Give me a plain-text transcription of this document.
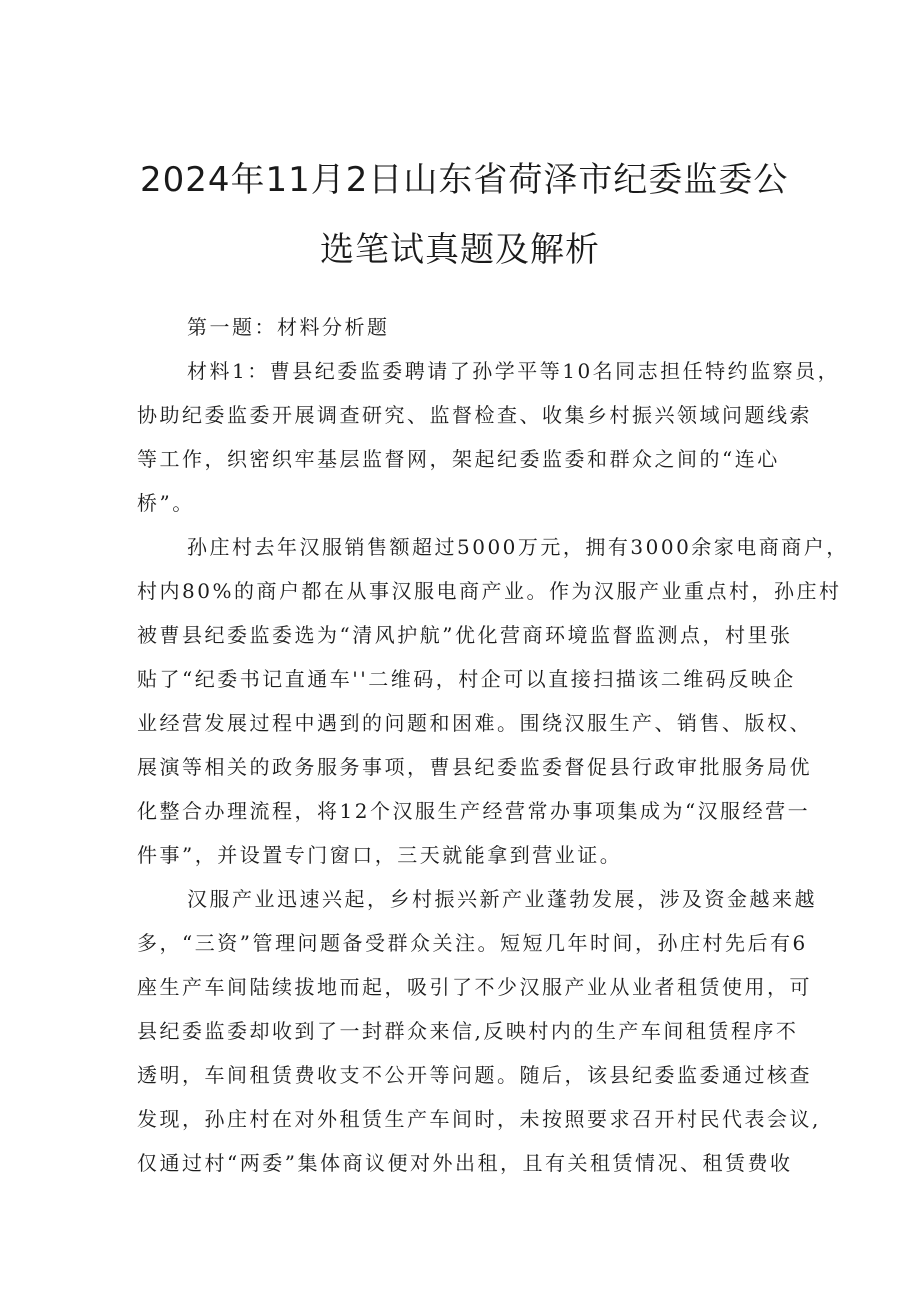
2024年11月2日山东省荷泽市纪委监委公
选笔试真题及解析
第一题：材料分析题
材料1：曹县纪委监委聘请了孙学平等10名同志担任特约监察员，
协助纪委监委开展调查研究、监督检查、收集乡村振兴领域问题线索
等工作，织密织牢基层监督网，架起纪委监委和群众之间的“连心
桥”。
孙庄村去年汉服销售额超过5000万元，拥有3000余家电商商户，
村内80%的商户都在从事汉服电商产业。作为汉服产业重点村，孙庄村
被曹县纪委监委选为“清风护航”优化营商环境监督监测点，村里张
贴了“纪委书记直通车''二维码，村企可以直接扫描该二维码反映企
业经营发展过程中遇到的问题和困难。围绕汉服生产、销售、版权、
展演等相关的政务服务事项，曹县纪委监委督促县行政审批服务局优
化整合办理流程，将12个汉服生产经营常办事项集成为“汉服经营一
件事”，并设置专门窗口，三天就能拿到营业证。
汉服产业迅速兴起，乡村振兴新产业蓬勃发展，涉及资金越来越
多，“三资”管理问题备受群众关注。短短几年时间，孙庄村先后有6
座生产车间陆续拔地而起，吸引了不少汉服产业从业者租赁使用，可
县纪委监委却收到了一封群众来信,反映村内的生产车间租赁程序不
透明，车间租赁费收支不公开等问题。随后，该县纪委监委通过核查
发现，孙庄村在对外租赁生产车间时，未按照要求召开村民代表会议,
仅通过村“两委”集体商议便对外出租，且有关租赁情况、租赁费收
